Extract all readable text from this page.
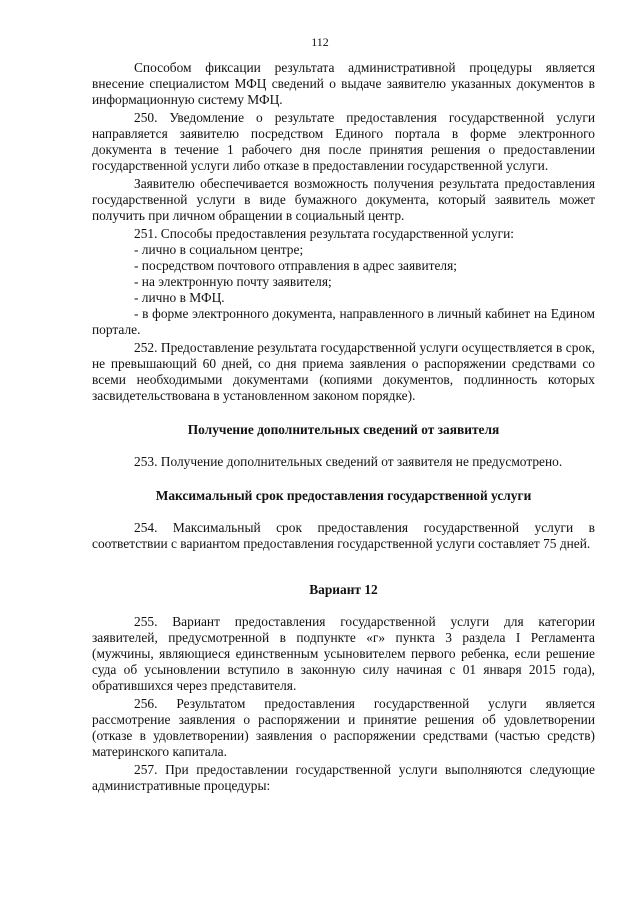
112

Способом фиксации результата административной процедуры является внесение специалистом МФЦ сведений о выдаче заявителю указанных документов в информационную систему МФЦ.

250. Уведомление о результате предоставления государственной услуги направляется заявителю посредством Единого портала в форме электронного документа в течение 1 рабочего дня после принятия решения о предоставлении государственной услуги либо отказе в предоставлении государственной услуги.

Заявителю обеспечивается возможность получения результата предоставления государственной услуги в виде бумажного документа, который заявитель может получить при личном обращении в социальный центр.

251. Способы предоставления результата государственной услуги:

- лично в социальном центре;

- посредством почтового отправления в адрес заявителя;

- на электронную почту заявителя;

- лично в МФЦ.

- в форме электронного документа, направленного в личный кабинет на Едином портале.

252. Предоставление результата государственной услуги осуществляется в срок, не превышающий 60 дней, со дня приема заявления о распоряжении средствами со всеми необходимыми документами (копиями документов, подлинность которых засвидетельствована в установленном законом порядке).

Получение дополнительных сведений от заявителя

253. Получение дополнительных сведений от заявителя не предусмотрено.

Максимальный срок предоставления государственной услуги

254. Максимальный срок предоставления государственной услуги в соответствии с вариантом предоставления государственной услуги составляет 75 дней.

Вариант 12

255. Вариант предоставления государственной услуги для категории заявителей, предусмотренной в подпункте «г» пункта 3 раздела I Регламента (мужчины, являющиеся единственным усыновителем первого ребенка, если решение суда об усыновлении вступило в законную силу начиная с 01 января 2015 года), обратившихся через представителя.

256. Результатом предоставления государственной услуги является рассмотрение заявления о распоряжении и принятие решения об удовлетворении (отказе в удовлетворении) заявления о распоряжении средствами (частью средств) материнского капитала.

257. При предоставлении государственной услуги выполняются следующие административные процедуры:
